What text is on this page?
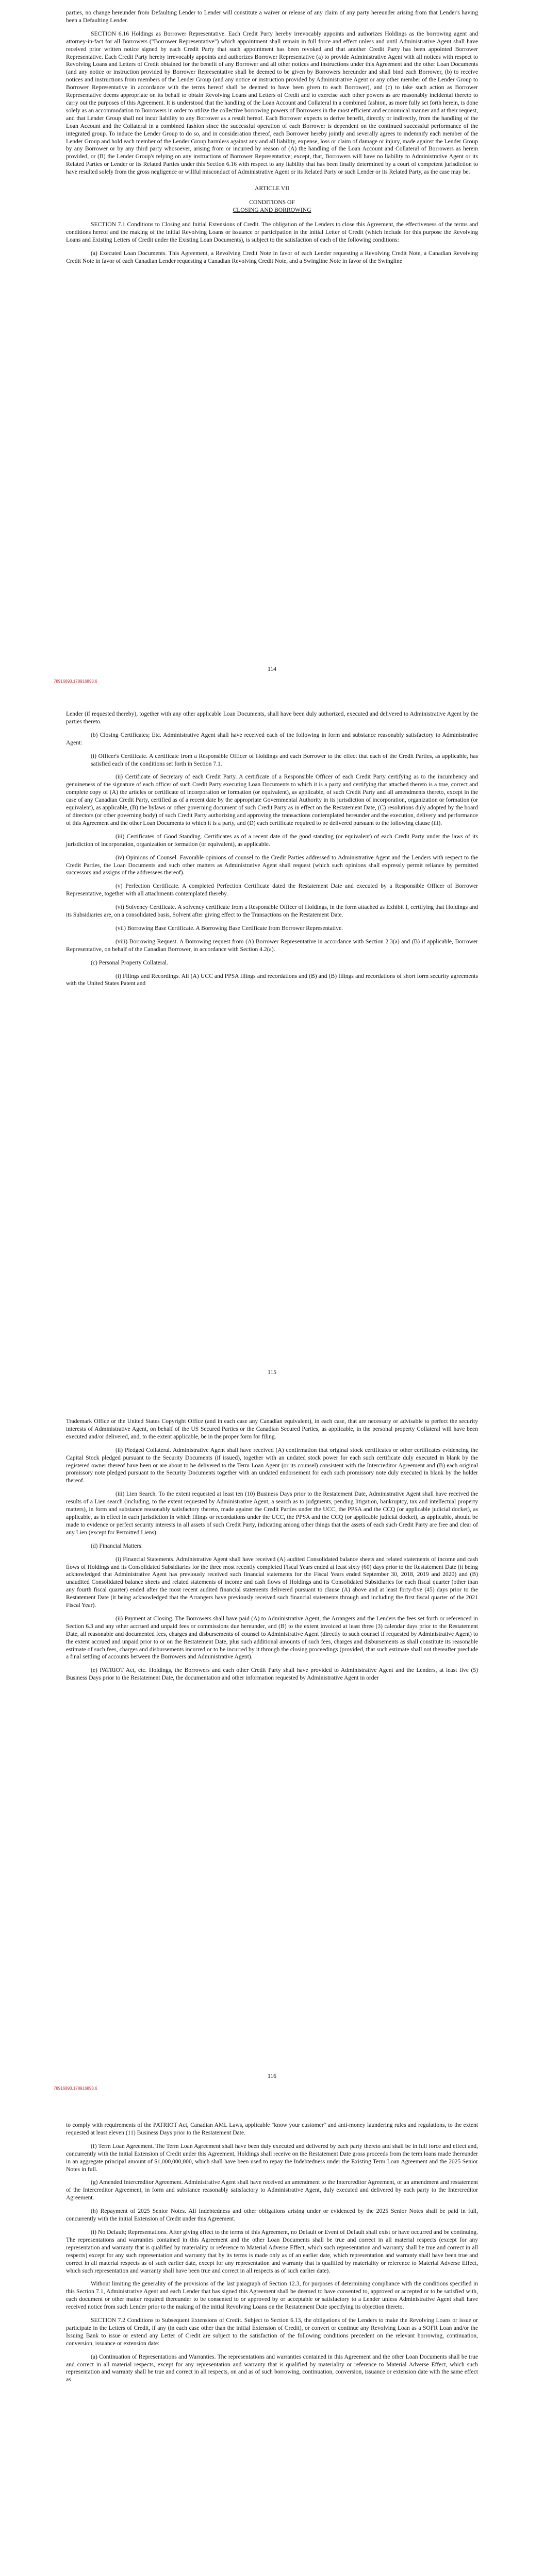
parties, no change hereunder from Defaulting Lender to Lender will constitute a waiver or release of any claim of any party hereunder arising from that Lender's having been a Defaulting Lender.

SECTION 6.16 Holdings as Borrower Representative. Each Credit Party hereby irrevocably appoints and authorizes Holdings as the borrowing agent and attorney-in-fact for all Borrowers ("Borrower Representative") which appointment shall remain in full force and effect unless and until Administrative Agent shall have received prior written notice signed by each Credit Party that such appointment has been revoked and that another Credit Party has been appointed Borrower Representative. Each Credit Party hereby irrevocably appoints and authorizes Borrower Representative (a) to provide Administrative Agent with all notices with respect to Revolving Loans and Letters of Credit obtained for the benefit of any Borrower and all other notices and instructions under this Agreement and the other Loan Documents (and any notice or instruction provided by Borrower Representative shall be deemed to be given by Borrowers hereunder and shall bind each Borrower, (b) to receive notices and instructions from members of the Lender Group (and any notice or instruction provided by Administrative Agent or any other member of the Lender Group to Borrower Representative in accordance with the terms hereof shall be deemed to have been given to each Borrower), and (c) to take such action as Borrower Representative deems appropriate on its behalf to obtain Revolving Loans and Letters of Credit and to exercise such other powers as are reasonably incidental thereto to carry out the purposes of this Agreement. It is understood that the handling of the Loan Account and Collateral in a combined fashion, as more fully set forth herein, is done solely as an accommodation to Borrowers in order to utilize the collective borrowing powers of Borrowers in the most efficient and economical manner and at their request, and that Lender Group shall not incur liability to any Borrower as a result hereof. Each Borrower expects to derive benefit, directly or indirectly, from the handling of the Loan Account and the Collateral in a combined fashion since the successful operation of each Borrower is dependent on the continued successful performance of the integrated group. To induce the Lender Group to do so, and in consideration thereof, each Borrower hereby jointly and severally agrees to indemnify each member of the Lender Group and hold each member of the Lender Group harmless against any and all liability, expense, loss or claim of damage or injury, made against the Lender Group by any Borrower or by any third party whosoever, arising from or incurred by reason of (A) the handling of the Loan Account and Collateral of Borrowers as herein provided, or (B) the Lender Group's relying on any instructions of Borrower Representative; except, that, Borrowers will have no liability to Administrative Agent or its Related Parties or Lender or its Related Parties under this Section 6.16 with respect to any liability that has been finally determined by a court of competent jurisdiction to have resulted solely from the gross negligence or willful misconduct of Administrative Agent or its Related Party or such Lender or its Related Party, as the case may be.

ARTICLE VII

CONDITIONS OF

CLOSING AND BORROWING

SECTION 7.1 Conditions to Closing and Initial Extensions of Credit. The obligation of the Lenders to close this Agreement, the effectiveness of the terms and conditions hereof and the making of the initial Revolving Loans or issuance or participation in the initial Letter of Credit (which include for this purpose the Revolving Loans and Existing Letters of Credit under the Existing Loan Documents), is subject to the satisfaction of each of the following conditions:

(a) Executed Loan Documents. This Agreement, a Revolving Credit Note in favor of each Lender requesting a Revolving Credit Note, a Canadian Revolving Credit Note in favor of each Canadian Lender requesting a Canadian Revolving Credit Note, and a Swingline Note in favor of the Swingline

114
78916893.178916893.6

Lender (if requested thereby), together with any other applicable Loan Documents, shall have been duly authorized, executed and delivered to Administrative Agent by the parties thereto.

(b) Closing Certificates; Etc. Administrative Agent shall have received each of the following in form and substance reasonably satisfactory to Administrative Agent:

(i) Officer's Certificate. A certificate from a Responsible Officer of Holdings and each Borrower to the effect that each of the Credit Parties, as applicable, has satisfied each of the conditions set forth in Section 7.1.

(ii) Certificate of Secretary of each Credit Party. A certificate of a Responsible Officer of each Credit Party certifying as to the incumbency and genuineness of the signature of each officer of such Credit Party executing Loan Documents to which it is a party and certifying that attached thereto is a true, correct and complete copy of (A) the articles or certificate of incorporation or formation (or equivalent), as applicable, of such Credit Party and all amendments thereto, except in the case of any Canadian Credit Party, certified as of a recent date by the appropriate Governmental Authority in its jurisdiction of incorporation, organization or formation (or equivalent), as applicable, (B) the bylaws or other governing document of such Credit Party as in effect on the Restatement Date, (C) resolutions duly adopted by the board of directors (or other governing body) of such Credit Party authorizing and approving the transactions contemplated hereunder and the execution, delivery and performance of this Agreement and the other Loan Documents to which it is a party, and (D) each certificate required to be delivered pursuant to the following clause (iii).

(iii) Certificates of Good Standing. Certificates as of a recent date of the good standing (or equivalent) of each Credit Party under the laws of its jurisdiction of incorporation, organization or formation (or equivalent), as applicable.

(iv) Opinions of Counsel. Favorable opinions of counsel to the Credit Parties addressed to Administrative Agent and the Lenders with respect to the Credit Parties, the Loan Documents and such other matters as Administrative Agent shall request (which such opinions shall expressly permit reliance by permitted successors and assigns of the addressees thereof).

(v) Perfection Certificate. A completed Perfection Certificate dated the Restatement Date and executed by a Responsible Officer of Borrower Representative, together with all attachments contemplated thereby.

(vi) Solvency Certificate. A solvency certificate from a Responsible Officer of Holdings, in the form attached as Exhibit I, certifying that Holdings and its Subsidiaries are, on a consolidated basis, Solvent after giving effect to the Transactions on the Restatement Date.

(vii) Borrowing Base Certificate. A Borrowing Base Certificate from Borrower Representative.

(viii) Borrowing Request. A Borrowing request from (A) Borrower Representative in accordance with Section 2.3(a) and (B) if applicable, Borrower Representative, on behalf of the Canadian Borrower, in accordance with Section 4.2(a).

(c) Personal Property Collateral.

(i) Filings and Recordings. All (A) UCC and PPSA filings and recordations and (B) and (B) filings and recordations of short form security agreements with the United States Patent and

115

Trademark Office or the United States Copyright Office (and in each case any Canadian equivalent), in each case, that are necessary or advisable to perfect the security interests of Administrative Agent, on behalf of the US Secured Parties or the Canadian Secured Parties, as applicable, in the personal property Collateral will have been executed and/or delivered, and, to the extent applicable, be in the proper form for filing.

(ii) Pledged Collateral. Administrative Agent shall have received (A) confirmation that original stock certificates or other certificates evidencing the Capital Stock pledged pursuant to the Security Documents (if issued), together with an undated stock power for each such certificate duly executed in blank by the registered owner thereof have been or are about to be delivered to the Term Loan Agent (or its counsel) consistent with the Intercreditor Agreement and (B) each original promissory note pledged pursuant to the Security Documents together with an undated endorsement for each such promissory note duly executed in blank by the holder thereof.

(iii) Lien Search. To the extent requested at least ten (10) Business Days prior to the Restatement Date, Administrative Agent shall have received the results of a Lien search (including, to the extent requested by Administrative Agent, a search as to judgments, pending litigation, bankruptcy, tax and intellectual property matters), in form and substance reasonably satisfactory thereto, made against the Credit Parties under the UCC, the PPSA and the CCQ (or applicable judicial docket), as applicable, as in effect in each jurisdiction in which filings or recordations under the UCC, the PPSA and the CCQ (or applicable judicial docket), as applicable, should be made to evidence or perfect security interests in all assets of such Credit Party, indicating among other things that the assets of each such Credit Party are free and clear of any Lien (except for Permitted Liens).

(d) Financial Matters.

(i) Financial Statements. Administrative Agent shall have received (A) audited Consolidated balance sheets and related statements of income and cash flows of Holdings and its Consolidated Subsidiaries for the three most recently completed Fiscal Years ended at least sixty (60) days prior to the Restatement Date (it being acknowledged that Administrative Agent has previously received such financial statements for the Fiscal Years ended September 30, 2018, 2019 and 2020) and (B) unaudited Consolidated balance sheets and related statements of income and cash flows of Holdings and its Consolidated Subsidiaries for each fiscal quarter (other than any fourth fiscal quarter) ended after the most recent audited financial statements delivered pursuant to clause (A) above and at least forty-five (45) days prior to the Restatement Date (it being acknowledged that the Arrangers have previously received such financial statements through and including the first fiscal quarter of the 2021 Fiscal Year).

(ii) Payment at Closing. The Borrowers shall have paid (A) to Administrative Agent, the Arrangers and the Lenders the fees set forth or referenced in Section 6.3 and any other accrued and unpaid fees or commissions due hereunder, and (B) to the extent invoiced at least three (3) calendar days prior to the Restatement Date, all reasonable and documented fees, charges and disbursements of counsel to Administrative Agent (directly to such counsel if requested by Administrative Agent) to the extent accrued and unpaid prior to or on the Restatement Date, plus such additional amounts of such fees, charges and disbursements as shall constitute its reasonable estimate of such fees, charges and disbursements incurred or to be incurred by it through the closing proceedings (provided, that such estimate shall not thereafter preclude a final settling of accounts between the Borrowers and Administrative Agent).

(e) PATRIOT Act, etc. Holdings, the Borrowers and each other Credit Party shall have provided to Administrative Agent and the Lenders, at least five (5) Business Days prior to the Restatement Date, the documentation and other information requested by Administrative Agent in order

116
78916893.178916893.6

to comply with requirements of the PATRIOT Act, Canadian AML Laws, applicable "know your customer" and anti-money laundering rules and regulations, to the extent requested at least eleven (11) Business Days prior to the Restatement Date.

(f) Term Loan Agreement. The Term Loan Agreement shall have been duly executed and delivered by each party thereto and shall be in full force and effect and, concurrently with the initial Extension of Credit under this Agreement, Holdings shall receive on the Restatement Date gross proceeds from the term loans made thereunder in an aggregate principal amount of $1,000,000,000, which shall have been used to repay the Indebtedness under the Existing Term Loan Agreement and the 2025 Senior Notes in full.

(g) Amended Intercreditor Agreement. Administrative Agent shall have received an amendment to the Intercreditor Agreement, or an amendment and restatement of the Intercreditor Agreement, in form and substance reasonably satisfactory to Administrative Agent, duly executed and delivered by each party to the Intercreditor Agreement.

(h) Repayment of 2025 Senior Notes. All Indebtedness and other obligations arising under or evidenced by the 2025 Senior Notes shall be paid in full, concurrently with the initial Extension of Credit under this Agreement.

(i) No Default; Representations. After giving effect to the terms of this Agreement, no Default or Event of Default shall exist or have occurred and be continuing. The representations and warranties contained in this Agreement and the other Loan Documents shall be true and correct in all material respects (except for any representation and warranty that is qualified by materiality or reference to Material Adverse Effect, which such representation and warranty shall be true and correct in all respects) except for any such representation and warranty that by its terms is made only as of an earlier date, which representation and warranty shall have been true and correct in all material respects as of such earlier date, except for any representation and warranty that is qualified by materiality or reference to Material Adverse Effect, which such representation and warranty shall have been true and correct in all respects as of such earlier date).

Without limiting the generality of the provisions of the last paragraph of Section 12.3, for purposes of determining compliance with the conditions specified in this Section 7.1, Administrative Agent and each Lender that has signed this Agreement shall be deemed to have consented to, approved or accepted or to be satisfied with, each document or other matter required thereunder to be consented to or approved by or acceptable or satisfactory to a Lender unless Administrative Agent shall have received notice from such Lender prior to the making of the initial Revolving Loans on the Restatement Date specifying its objection thereto.

SECTION 7.2 Conditions to Subsequent Extensions of Credit. Subject to Section 6.13, the obligations of the Lenders to make the Revolving Loans or issue or participate in the Letters of Credit, if any (in each case other than the initial Extension of Credit), or convert or continue any Revolving Loan as a SOFR Loan and/or the Issuing Bank to issue or extend any Letter of Credit are subject to the satisfaction of the following conditions precedent on the relevant borrowing, continuation, conversion, issuance or extension date:

(a) Continuation of Representations and Warranties. The representations and warranties contained in this Agreement and the other Loan Documents shall be true and correct in all material respects, except for any representation and warranty that is qualified by materiality or reference to Material Adverse Effect, which such representation and warranty shall be true and correct in all respects, on and as of such borrowing, continuation, conversion, issuance or extension date with the same effect as
